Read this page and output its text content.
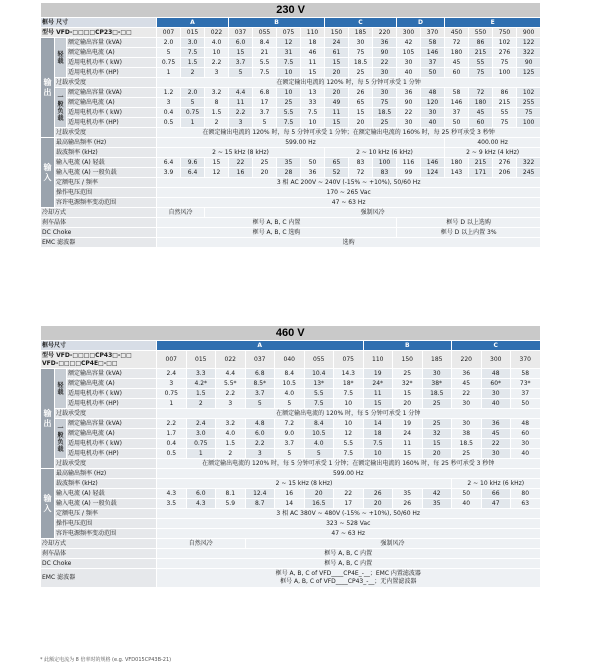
230 V																		
框号 尺寸			A			B				C			D		E			
型号 VFD-□□□□CP23□-□□			007	015	022	037	055	075	110	150	185	220	300	370	450	550	750	900
输出	轻载	额定输出容量 (kVA)	2.0	3.0	4.0	6.0	8.4	12	18	24	30	36	42	58	72	86	102	122
		额定输出电流 (A)	5	7.5	10	15	21	31	46	61	75	90	105	146	180	215	276	322
		适用电机功率 ( kW)	0.75	1.5	2.2	3.7	5.5	7.5	11	15	18.5	22	30	37	45	55	75	90
		适用电机功率 (HP)	1	2	3	5	7.5	10	15	20	25	30	40	50	60	75	100	125
	过载承受度		在额定输出电流的 120% 时，每 5 分钟可承受 1 分钟															
	一般负载	额定输出容量 (kVA)	1.2	2.0	3.2	4.4	6.8	10	13	20	26	30	36	48	58	72	86	102
		额定输出电流 (A)	3	5	8	11	17	25	33	49	65	75	90	120	146	180	215	255
		适用电机功率 ( kW)	0.4	0.75	1.5	2.2	3.7	5.5	7.5	11	15	18.5	22	30	37	45	55	75
		适用电机功率 (HP)	0.5	1	2	3	5	7.5	10	15	20	25	30	40	50	60	75	100
	过载承受度		在额定输出电流的 120% 时，每 5 分钟可承受 1 分钟；在额定输出电流的 160% 时，每 25 秒可承受 3 秒钟															
输入	最高输出频率 (Hz)		599.00 Hz												400.00 Hz			
	载波频率 (kHz)		2 ~ 15 kHz (8 kHz)							2 ~ 10 kHz (6 kHz)					2 ~ 9 kHz (4 kHz)			
	输入电流 (A) 轻载		6.4	9.6	15	22	25	35	50	65	83	100	116	146	180	215	276	322
	输入电流 (A) 一般负载		3.9	6.4	12	16	20	28	36	52	72	83	99	124	143	171	206	245
	定额电压 / 频率		3 相 AC 200V ~ 240V (-15% ~ +10%), 50/60 Hz															
	操作电压范围		170 ~ 265 Vac															
	容许电源频率变动范围		47 ~ 63 Hz															
冷却方式			自然风冷		强制风冷													
刹车晶体			框号 A, B, C 内置										框号 D 以上选购					
DC Choke			框号 A, B, C 选购										框号 D 以上内置 3%					
EMC 滤波器			选购															
460 V															
框号尺寸			A							B			C		

型号 VFD-□□□□CP43□-□□
VFD-□□□□CP4E□-□□			007	015	022	037	040	055	075	110	150	185	220	300	370
输出	轻载	额定输出容量 (kVA)	2.4	3.3	4.4	6.8	8.4	10.4	14.3	19	25	30	36	48	58
		额定输出电流 (A)	3	4.2*	5.5*	8.5*	10.5	13*	18*	24*	32*	38*	45	60*	73*
		适用电机功率 ( kW)	0.75	1.5	2.2	3.7	4.0	5.5	7.5	11	15	18.5	22	30	37
		适用电机功率 (HP)	1	2	3	5	5	7.5	10	15	20	25	30	40	50
	过载承受度		在额定输出电流的 120% 时，每 5 分钟可承受 1 分钟												
	一般负载	额定输出容量 (kVA)	2.2	2.4	3.2	4.8	7.2	8.4	10	14	19	25	30	36	48
		额定输出电流 (A)	1.7	3.0	4.0	6.0	9.0	10.5	12	18	24	32	38	45	60
		适用电机功率 ( kW)	0.4	0.75	1.5	2.2	3.7	4.0	5.5	7.5	11	15	18.5	22	30
		适用电机功率 (HP)	0.5	1	2	3	5	5	7.5	10	15	20	25	30	40
	过载承受度		在额定输出电流的 120% 时，每 5 分钟可承受 1 分钟；在额定输出电流的 160% 时，每 25 秒可承受 3 秒钟												
输入	最高输出频率 (Hz)		599.00 Hz												
	载波频率 (kHz)		2 ~ 15 kHz (8 kHz)										2 ~ 10 kHz (6 kHz)		
	输入电流 (A) 轻载		4.3	6.0	8.1	12.4	16	20	22	26	35	42	50	66	80
	输入电流 (A) 一般负载		3.5	4.3	5.9	8.7	14	16.5	17	20	26	35	40	47	63
	定额电压 / 频率		3 相 AC 380V ~ 480V (-15% ~ +10%), 50/60 Hz												
	操作电压范围		323 ~ 528 Vac												
	容许电源频率变动范围		47 ~ 63 Hz												
冷却方式			自然风冷			强制风冷									
刹车晶体			框号 A, B, C 内置												
DC Choke			框号 A, B, C 内置												
EMC 滤波器			框号 A, B, C of VFD____CP4E_-__；EMC 内置滤波器
框号 A, B, C of VFD____CP43_-__；无内置滤波器												
* 此额定电流为 8 倍率时的规格 (e.g. VFD015CP43B-21)
